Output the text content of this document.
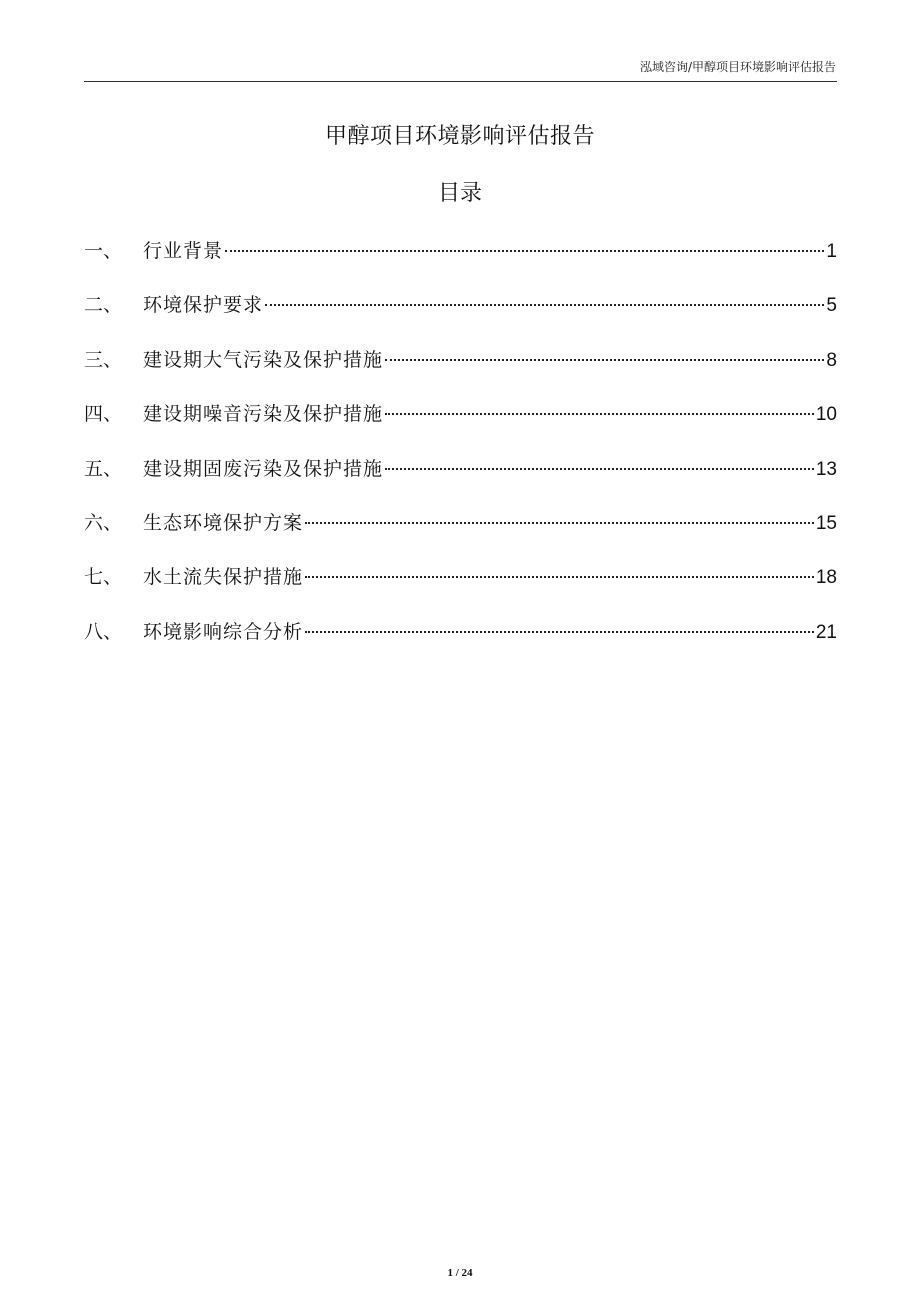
泓域咨询/甲醇项目环境影响评估报告
甲醇项目环境影响评估报告
目录
一、	行业背景	1
二、	环境保护要求	5
三、	建设期大气污染及保护措施	8
四、	建设期噪音污染及保护措施	10
五、	建设期固废污染及保护措施	13
六、	生态环境保护方案	15
七、	水土流失保护措施	18
八、	环境影响综合分析	21
1 / 24
